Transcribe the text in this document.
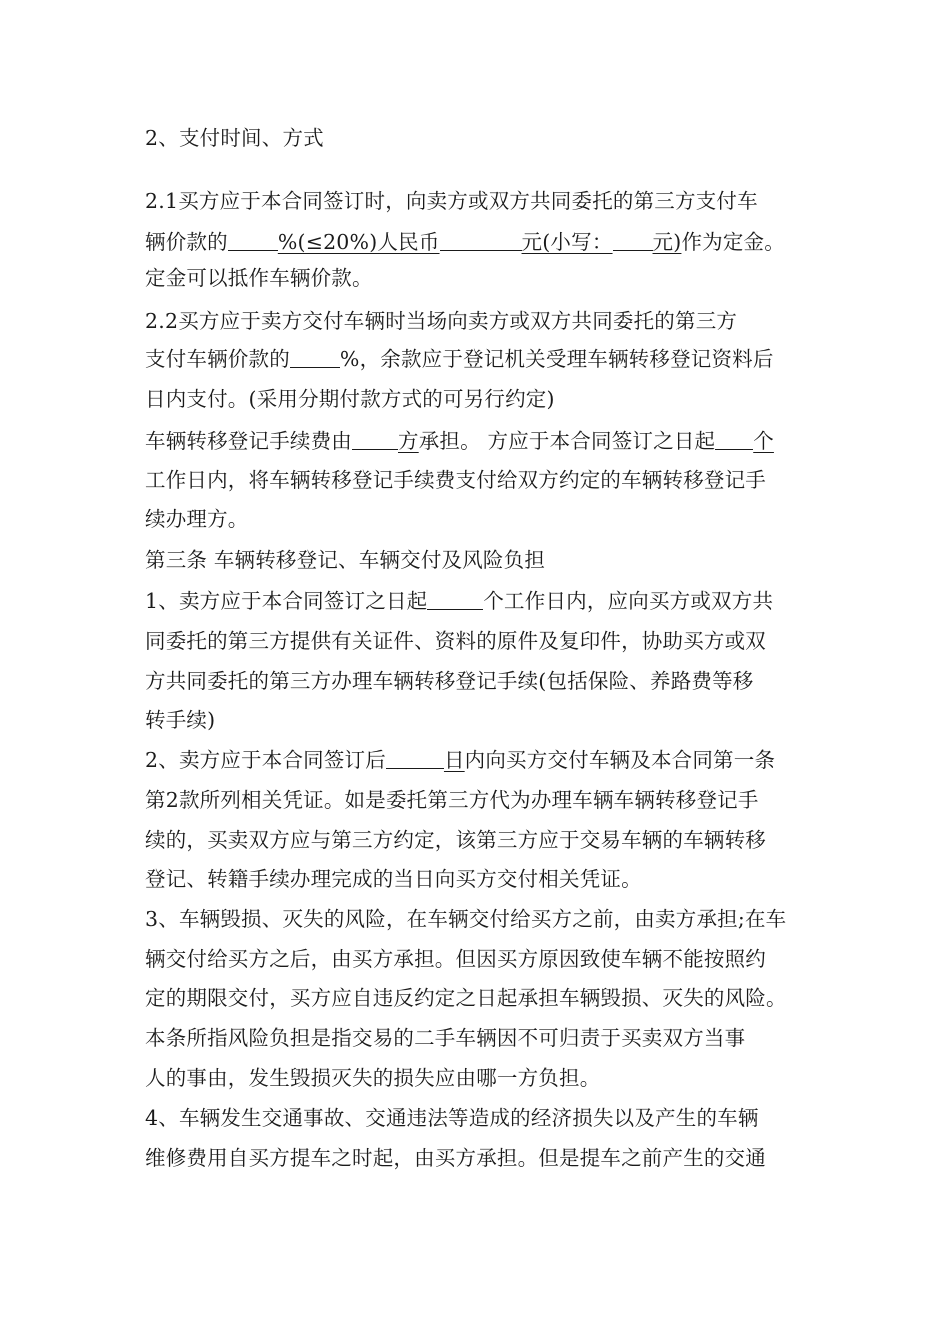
2、支付时间、方式
2.1买方应于本合同签订时，向卖方或双方共同委托的第三方支付车
辆价款的 %(≤20%)人民币	元(小写： 元)作为定金。
定金可以抵作车辆价款。
2.2买方应于卖方交付车辆时当场向卖方或双方共同委托的第三方
支付车辆价款的 %，余款应于登记机关受理车辆转移登记资料后
日内支付。(采用分期付款方式的可另行约定)
车辆转移登记手续费由 方承担。 方应于本合同签订之日起 个
工作日内，将车辆转移登记手续费支付给双方约定的车辆转移登记手
续办理方。
第三条 车辆转移登记、车辆交付及风险负担
1、卖方应于本合同签订之日起	个工作日内，应向买方或双方共
同委托的第三方提供有关证件、资料的原件及复印件，协助买方或双
方共同委托的第三方办理车辆转移登记手续(包括保险、养路费等移
转手续)
2、卖方应于本合同签订后	日内向买方交付车辆及本合同第一条
第2款所列相关凭证。如是委托第三方代为办理车辆车辆转移登记手
续的，买卖双方应与第三方约定，该第三方应于交易车辆的车辆转移
登记、转籍手续办理完成的当日向买方交付相关凭证。
3、车辆毁损、灭失的风险，在车辆交付给买方之前，由卖方承担;在车
辆交付给买方之后，由买方承担。但因买方原因致使车辆不能按照约
定的期限交付，买方应自违反约定之日起承担车辆毁损、灭失的风险。
本条所指风险负担是指交易的二手车辆因不可归责于买卖双方当事
人的事由，发生毁损灭失的损失应由哪一方负担。
4、车辆发生交通事故、交通违法等造成的经济损失以及产生的车辆
维修费用自买方提车之时起，由买方承担。但是提车之前产生的交通
